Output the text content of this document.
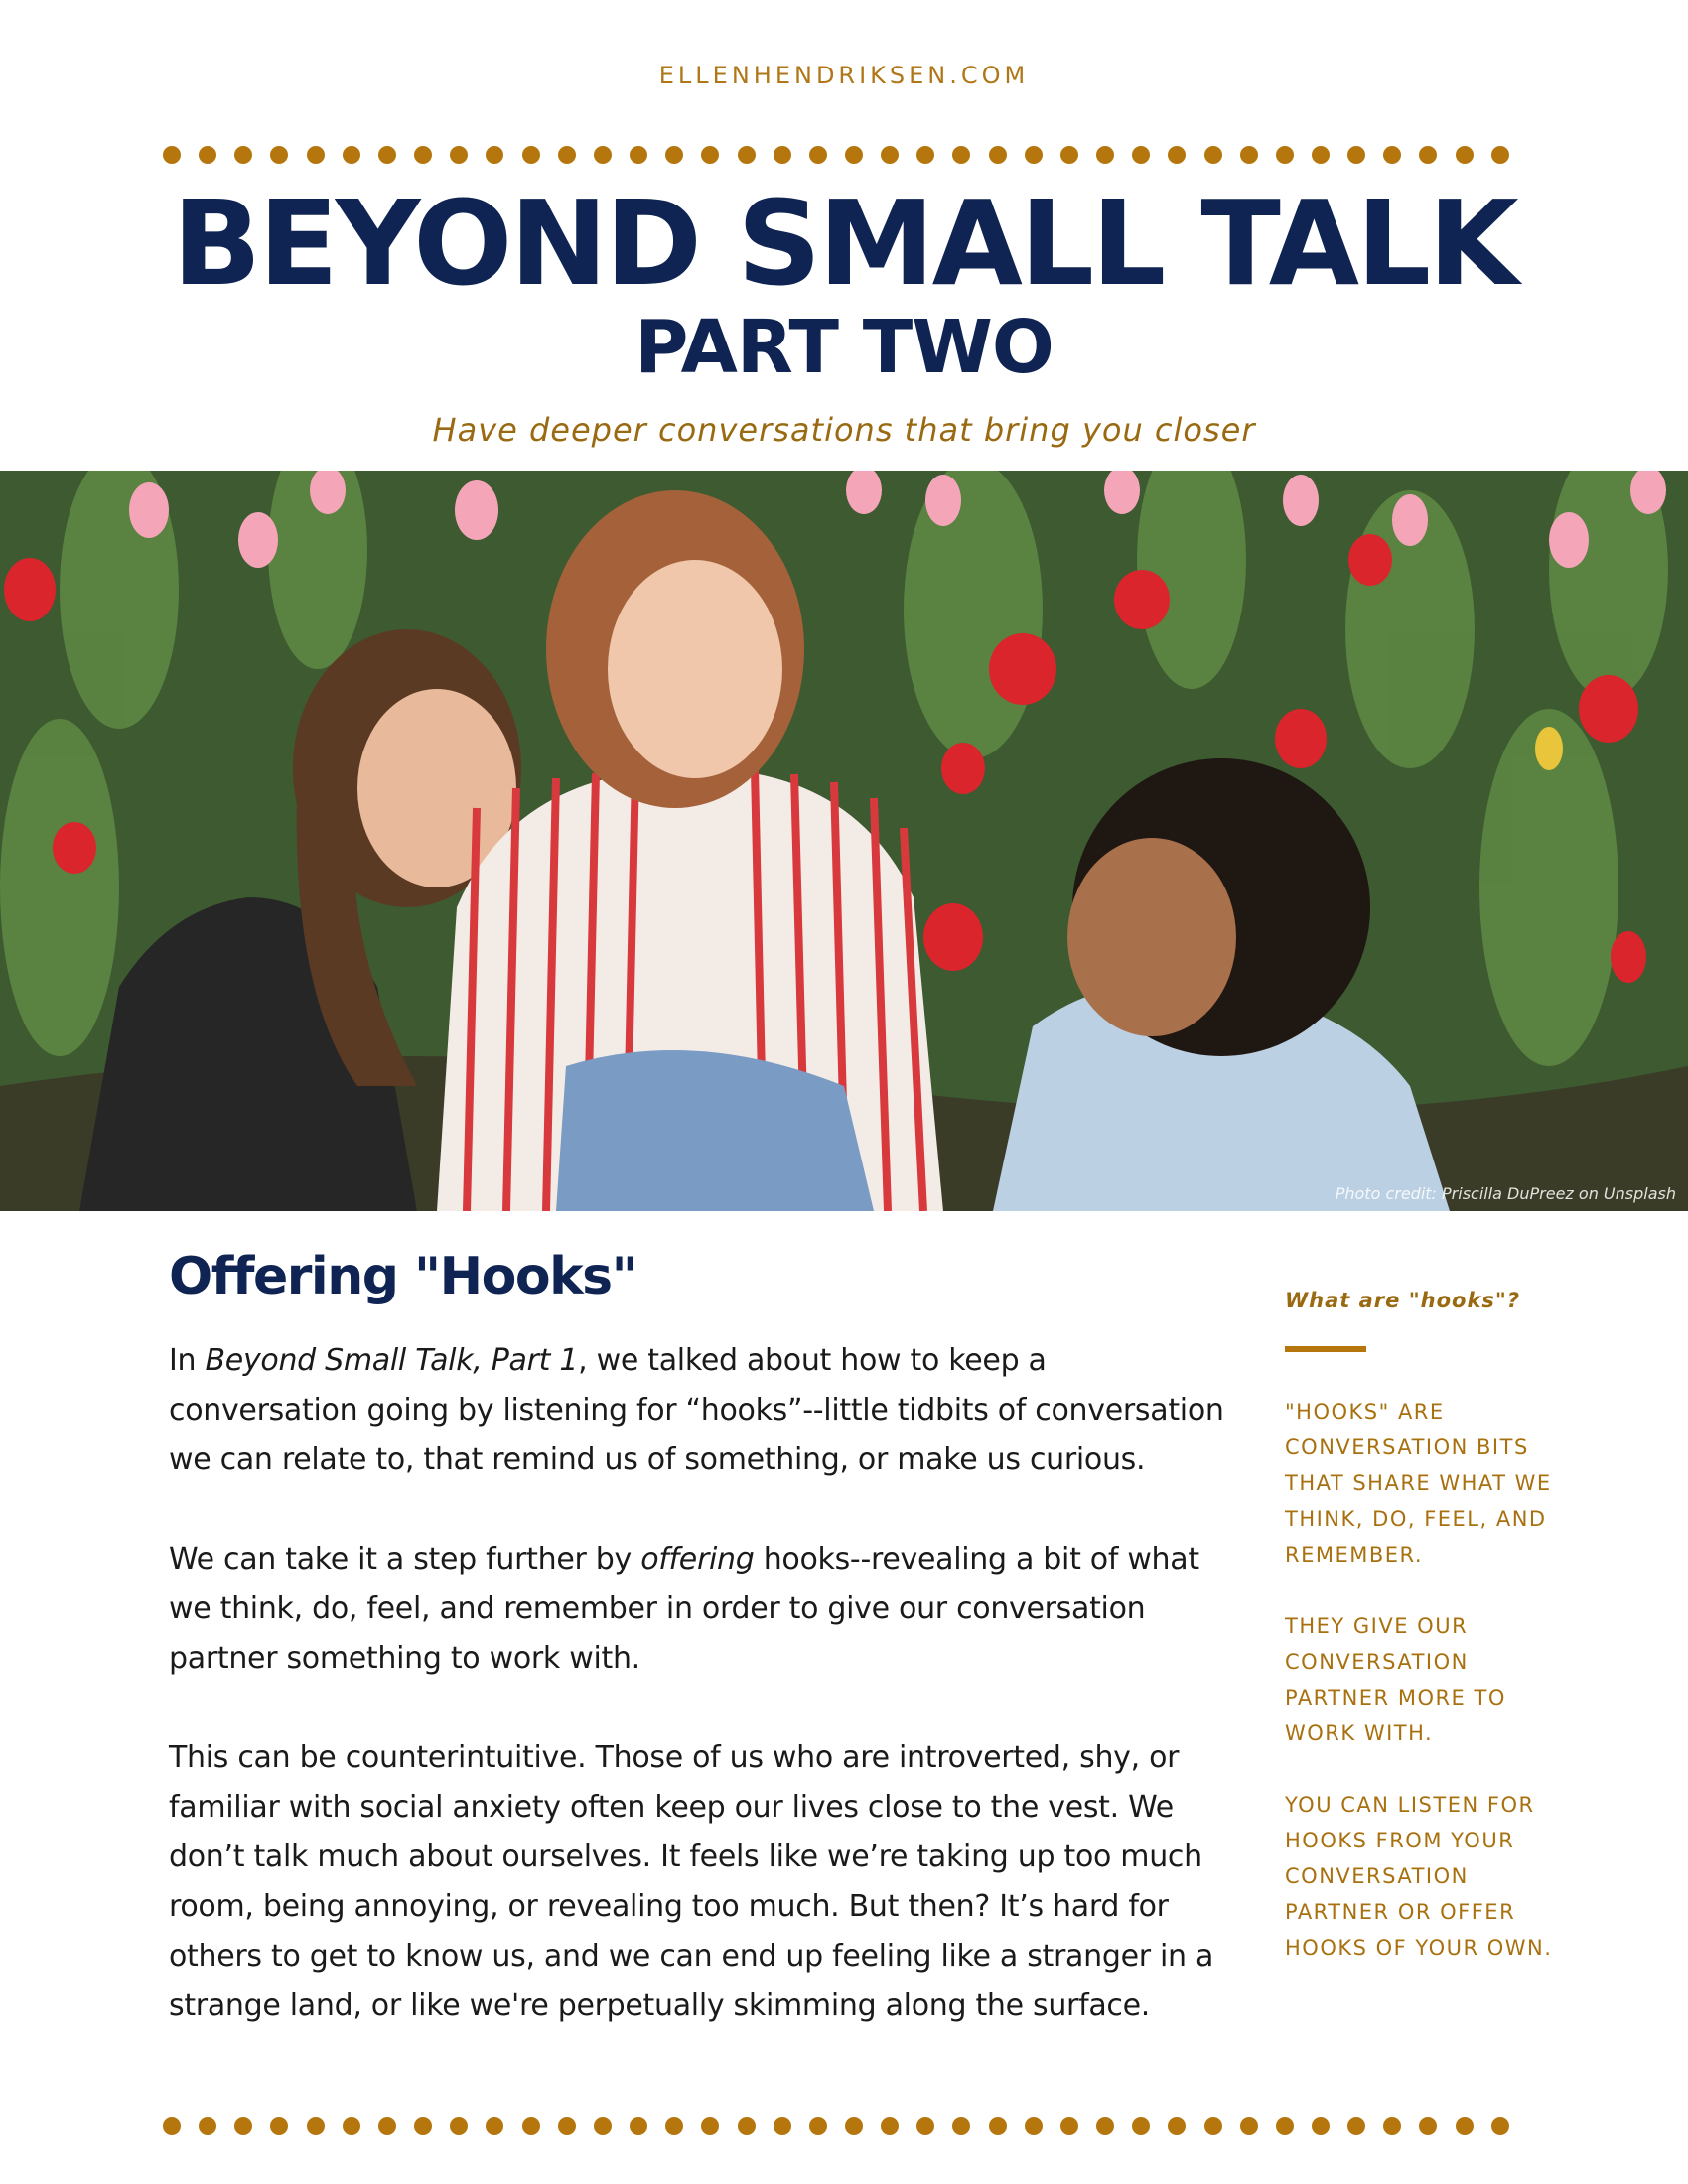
ELLENHENDRIKSEN.COM
BEYOND SMALL TALK
PART TWO
Have deeper conversations that bring you closer
Photo credit: Priscilla DuPreez on Unsplash
Offering "Hooks"

In Beyond Small Talk, Part 1, we talked about how to keep a conversation going by listening for “hooks”--little tidbits of conversation we can relate to, that remind us of something, or make us curious.

We can take it a step further by offering hooks--revealing a bit of what we think, do, feel, and remember in order to give our conversation partner something to work with.

This can be counterintuitive. Those of us who are introverted, shy, or familiar with social anxiety often keep our lives close to the vest. We don’t talk much about ourselves. It feels like we’re taking up too much room, being annoying, or revealing too much. But then? It’s hard for others to get to know us, and we can end up feeling like a stranger in a strange land, or like we're perpetually skimming along the surface.

What are "hooks"?

"HOOKS" ARE CONVERSATION BITS THAT SHARE WHAT WE THINK, DO, FEEL, AND REMEMBER.

THEY GIVE OUR CONVERSATION PARTNER MORE TO WORK WITH.

YOU CAN LISTEN FOR HOOKS FROM YOUR CONVERSATION PARTNER OR OFFER HOOKS OF YOUR OWN.
